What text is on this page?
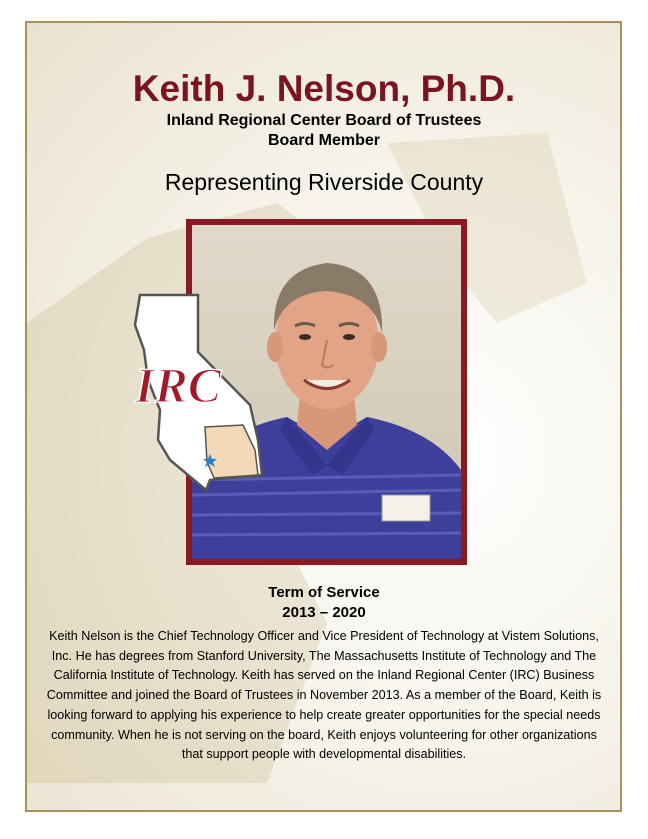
Keith J. Nelson, Ph.D.
Inland Regional Center Board of Trustees
Board Member
Representing Riverside County
IRC
Term of Service
2013 – 2020
Keith Nelson is the Chief Technology Officer and Vice President of Technology at Vistem Solutions, Inc. He has degrees from Stanford University, The Massachusetts Institute of Technology and The California Institute of Technology. Keith has served on the Inland Regional Center (IRC) Business Committee and joined the Board of Trustees in November 2013. As a member of the Board, Keith is looking forward to applying his experience to help create greater opportunities for the special needs community. When he is not serving on the board, Keith enjoys volunteering for other organizations that support people with developmental disabilities.
